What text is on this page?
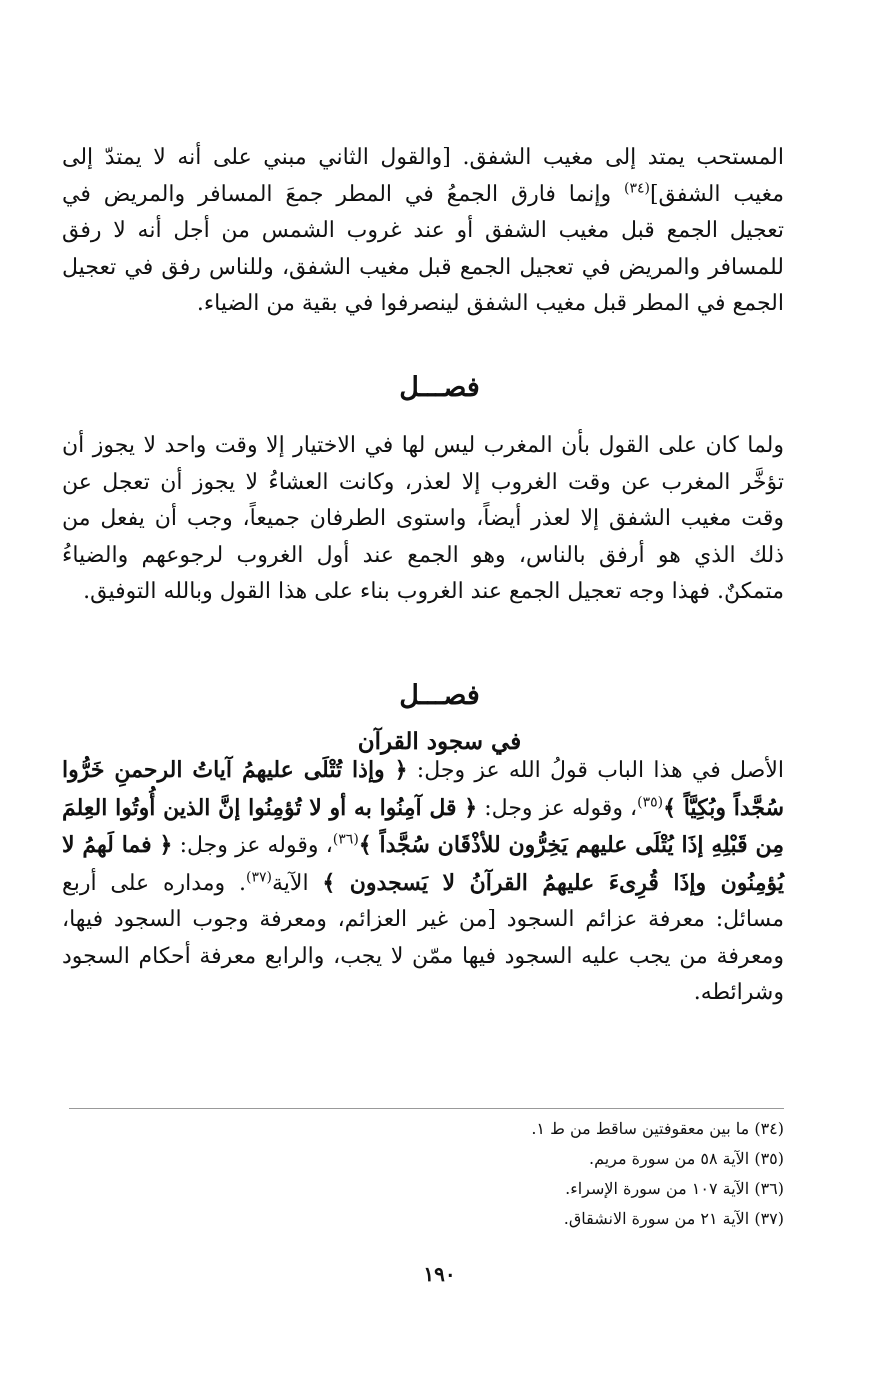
المستحب يمتد إلى مغيب الشفق. [والقول الثاني مبني على أنه لا يمتدّ إلى مغيب الشفق]$^{(٣٤)}$ وإنما فارق الجمعُ في المطر جمعَ المسافر والمريض في تعجيل الجمع قبل مغيب الشفق أو عند غروب الشمس من أجل أنه لا رفق للمسافر والمريض في تعجيل الجمع قبل مغيب الشفق، وللناس رفق في تعجيل الجمع في المطر قبل مغيب الشفق لينصرفوا في بقية من الضياء.

فصـــل

ولما كان على القول بأن المغرب ليس لها في الاختيار إلا وقت واحد لا يجوز أن تؤخَّر المغرب عن وقت الغروب إلا لعذر، وكانت العشاءُ لا يجوز أن تعجل عن وقت مغيب الشفق إلا لعذر أيضاً، واستوى الطرفان جميعاً، وجب أن يفعل من ذلك الذي هو أرفق بالناس، وهو الجمع عند أول الغروب لرجوعهم والضياءُ متمكنٌ. فهذا وجه تعجيل الجمع عند الغروب بناء على هذا القول وبالله التوفيق.

فصـــل
في سجود القرآن

الأصل في هذا الباب قولُ الله عز وجل: ﴿ وإذا تُتْلَى عليهمُ آياتُ الرحمنِ خَرُّوا سُجَّداً وبُكِيَّاً ﴾$^{(٣٥)}$، وقوله عز وجل: ﴿ قل آمِنُوا به أو لا تُؤمِنُوا إنَّ الذين أُوتُوا العِلمَ مِن قَبْلِهِ إذَا يُتْلَى عليهم يَخِرُّون للأذْقَان سُجَّداً ﴾$^{(٣٦)}$، وقوله عز وجل: ﴿ فما لَهمُ لا يُؤمِنُون وإذَا قُرِىءَ عليهمُ القرآنُ لا يَسجدون ﴾ الآية$^{(٣٧)}$. ومداره على أربع مسائل: معرفة عزائم السجود [من غير العزائم، ومعرفة وجوب السجود فيها، ومعرفة من يجب عليه السجود فيها ممّن لا يجب، والرابع معرفة أحكام السجود وشرائطه.

(٣٤) ما بين معقوفتين ساقط من ط ١.
(٣٥) الآية ٥٨ من سورة مريم.
(٣٦) الآية ١٠٧ من سورة الإسراء.
(٣٧) الآية ٢١ من سورة الانشقاق.

١٩٠
